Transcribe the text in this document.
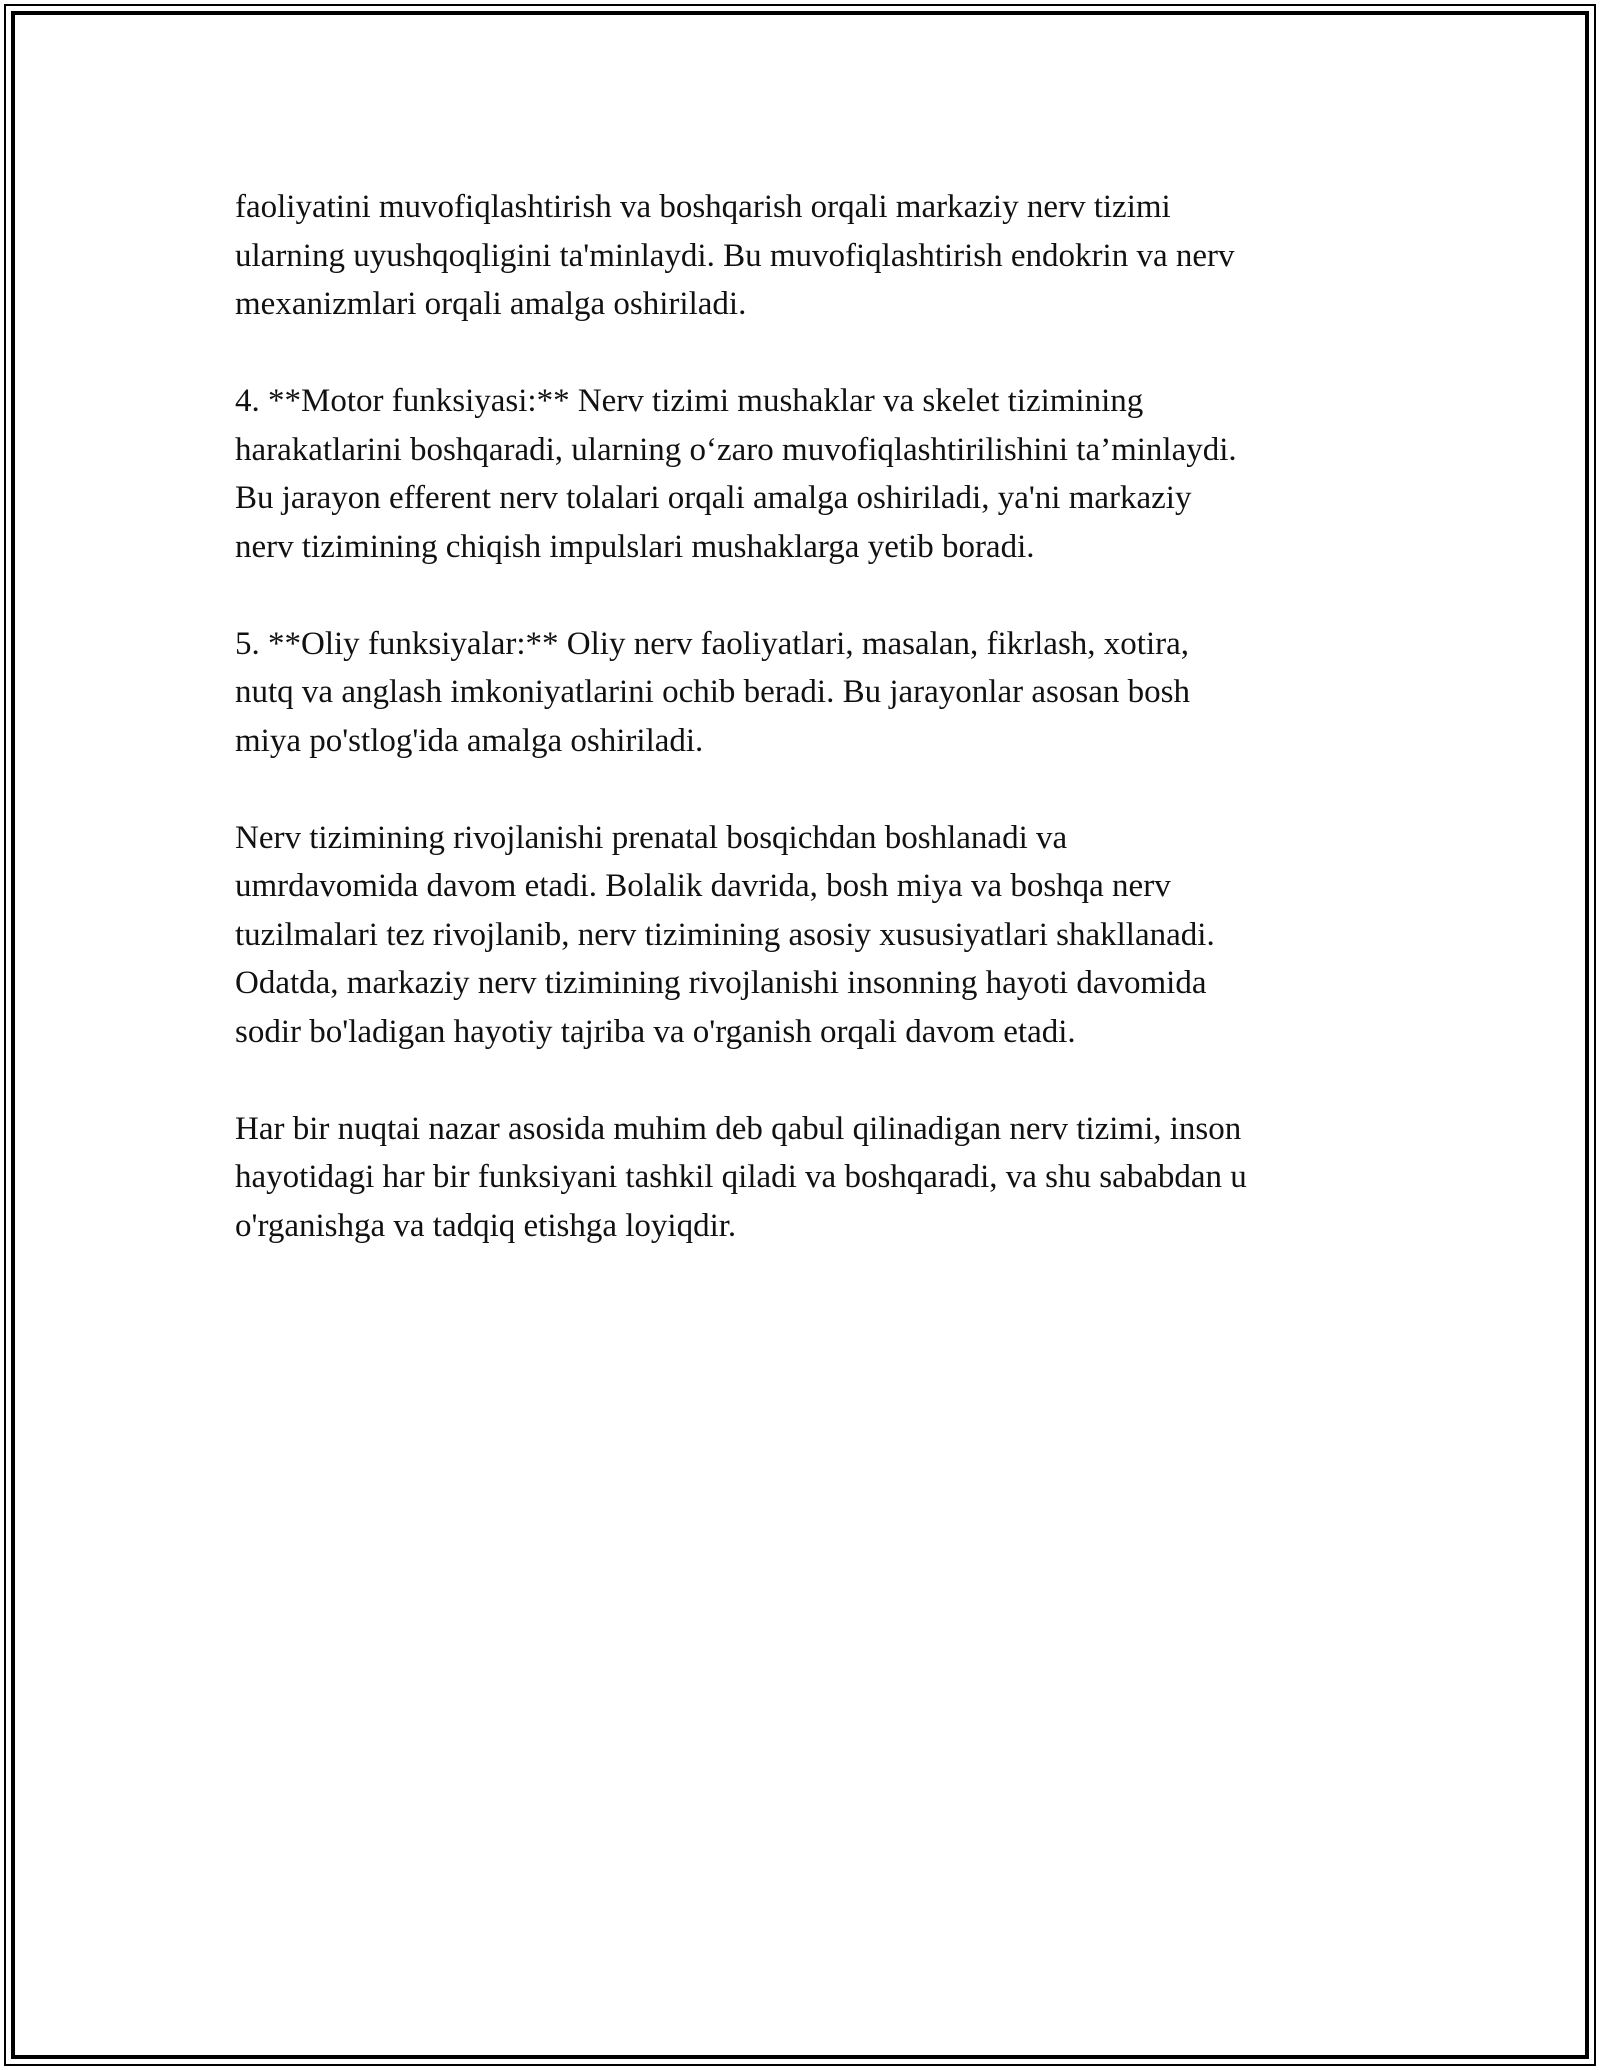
faoliyatini muvofiqlashtirish va boshqarish orqali markaziy nerv tizimi
ularning uyushqoqligini ta'minlaydi. Bu muvofiqlashtirish endokrin va nerv
mexanizmlari orqali amalga oshiriladi.
4. **Motor funksiyasi:** Nerv tizimi mushaklar va skelet tizimining
harakatlarini boshqaradi, ularning o‘zaro muvofiqlashtirilishini ta’minlaydi.
Bu jarayon efferent nerv tolalari orqali amalga oshiriladi, ya'ni markaziy
nerv tizimining chiqish impulslari mushaklarga yetib boradi.
5. **Oliy funksiyalar:** Oliy nerv faoliyatlari, masalan, fikrlash, xotira,
nutq va anglash imkoniyatlarini ochib beradi. Bu jarayonlar asosan bosh
miya po'stlog'ida amalga oshiriladi.
Nerv tizimining rivojlanishi prenatal bosqichdan boshlanadi va
umrdavomida davom etadi. Bolalik davrida, bosh miya va boshqa nerv
tuzilmalari tez rivojlanib, nerv tizimining asosiy xususiyatlari shakllanadi.
Odatda, markaziy nerv tizimining rivojlanishi insonning hayoti davomida
sodir bo'ladigan hayotiy tajriba va o'rganish orqali davom etadi.
Har bir nuqtai nazar asosida muhim deb qabul qilinadigan nerv tizimi, inson
hayotidagi har bir funksiyani tashkil qiladi va boshqaradi, va shu sababdan u
o'rganishga va tadqiq etishga loyiqdir.
